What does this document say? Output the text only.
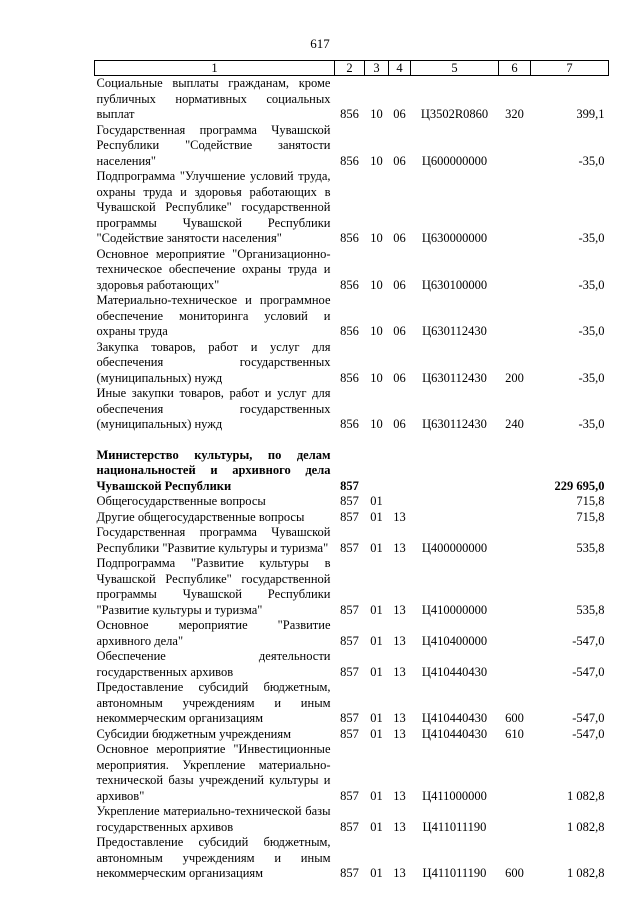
617
1	2	3	4	5	6	7
Социальные выплаты гражданам, кроме публичных нормативных социальных выплат	856	10	06	Ц3502R0860	320	399,1
Государственная программа Чувашской Республики "Содействие занятости населения"	856	10	06	Ц600000000		-35,0
Подпрограмма "Улучшение условий труда, охраны труда и здоровья работающих в Чувашской Республике" государственной программы Чувашской Республики "Содействие занятости населения"	856	10	06	Ц630000000		-35,0
Основное мероприятие "Организационно-техническое обеспечение охраны труда и здоровья работающих"	856	10	06	Ц630100000		-35,0
Материально-техническое и программное обеспечение мониторинга условий и охраны труда	856	10	06	Ц630112430		-35,0
Закупка товаров, работ и услуг для обеспечения государственных (муниципальных) нужд	856	10	06	Ц630112430	200	-35,0
Иные закупки товаров, работ и услуг для обеспечения государственных (муниципальных) нужд	856	10	06	Ц630112430	240	-35,0

Министерство культуры, по делам национальностей и архивного дела Чувашской Республики	857					229 695,0
Общегосударственные вопросы	857	01				715,8
Другие общегосударственные вопросы	857	01	13			715,8
Государственная программа Чувашской Республики "Развитие культуры и туризма"	857	01	13	Ц400000000		535,8
Подпрограмма "Развитие культуры в Чувашской Республике" государственной программы Чувашской Республики "Развитие культуры и туризма"	857	01	13	Ц410000000		535,8
Основное мероприятие "Развитие архивного дела"	857	01	13	Ц410400000		-547,0
Обеспечение деятельности государственных архивов	857	01	13	Ц410440430		-547,0
Предоставление субсидий бюджетным, автономным учреждениям и иным некоммерческим организациям	857	01	13	Ц410440430	600	-547,0
Субсидии бюджетным учреждениям	857	01	13	Ц410440430	610	-547,0
Основное мероприятие "Инвестиционные мероприятия. Укрепление материально-технической базы учреждений культуры и архивов"	857	01	13	Ц411000000		1 082,8
Укрепление материально-технической базы государственных архивов	857	01	13	Ц411011190		1 082,8
Предоставление субсидий бюджетным, автономным учреждениям и иным некоммерческим организациям	857	01	13	Ц411011190	600	1 082,8
